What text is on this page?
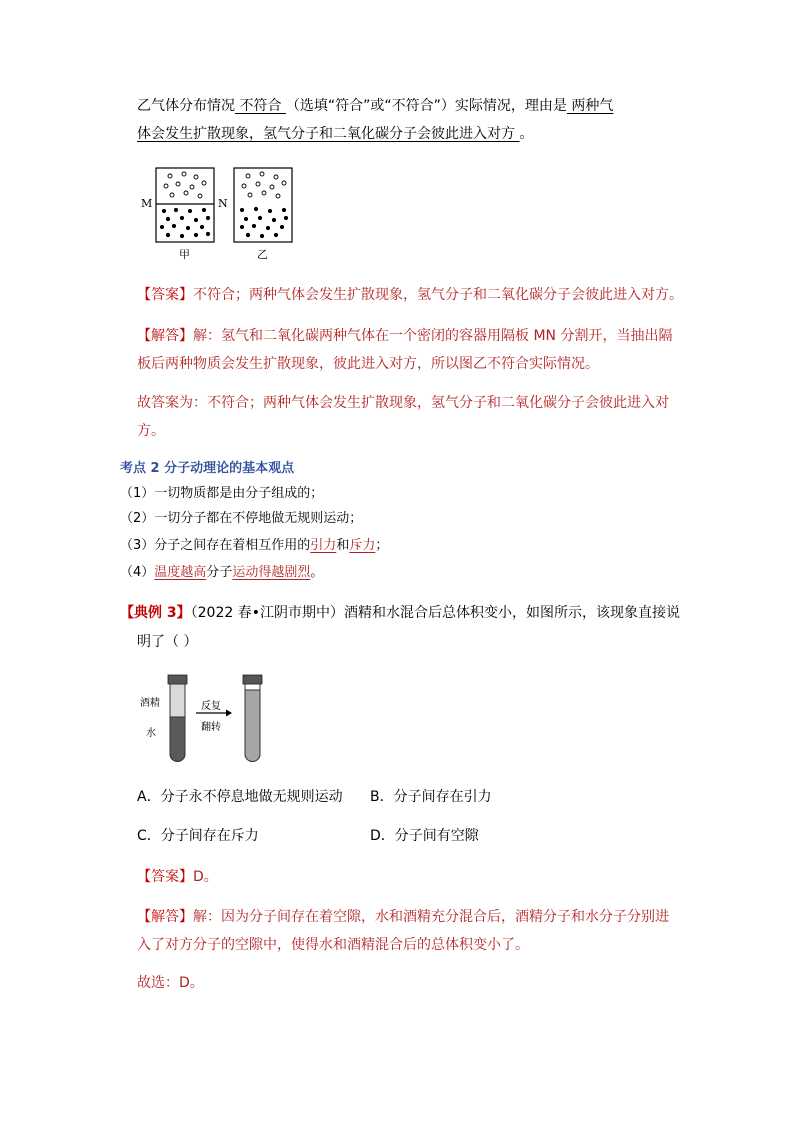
乙气体分布情况 不符合 （选填“符合”或“不符合”）实际情况，理由是 两种气
体会发生扩散现象，氢气分子和二氧化碳分子会彼此进入对方 。
M	N
甲	乙
【答案】不符合；两种气体会发生扩散现象，氢气分子和二氧化碳分子会彼此进入对方。
【解答】解：氢气和二氧化碳两种气体在一个密闭的容器用隔板 MN 分割开，当抽出隔
板后两种物质会发生扩散现象，彼此进入对方，所以图乙不符合实际情况。
故答案为：不符合；两种气体会发生扩散现象，氢气分子和二氧化碳分子会彼此进入对
方。
考点 2 分子动理论的基本观点
（1）一切物质都是由分子组成的；
（2）一切分子都在不停地做无规则运动；
（3）分子之间存在着相互作用的引力和斥力；
（4）温度越高分子运动得越剧烈。
【典例 3】（2022 春•江阴市期中）酒精和水混合后总体积变小，如图所示，该现象直接说
明了（ ）
酒精
水
反复
翻转
A．分子永不停息地做无规则运动 B．分子间存在引力
C．分子间存在斥力	D．分子间有空隙
【答案】D。
【解答】解：因为分子间存在着空隙，水和酒精充分混合后，酒精分子和水分子分别进
入了对方分子的空隙中，使得水和酒精混合后的总体积变小了。
故选：D。
